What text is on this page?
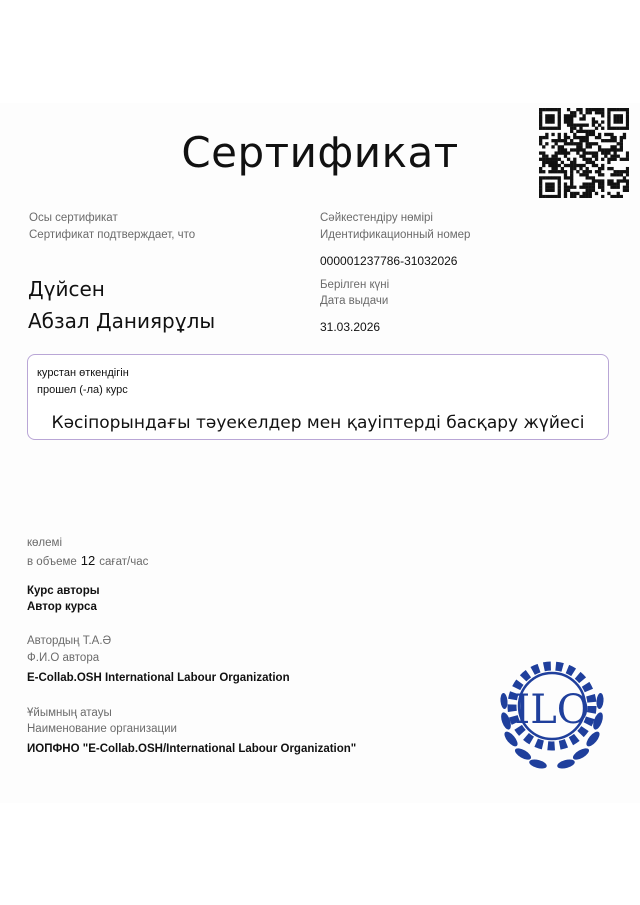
Сертификат
Осы сертификат
Сертификат подтверждает, что
Сәйкестендіру нөмірі
Идентификационный номер
000001237786-31032026
Дүйсен
Абзал Данияр​ұлы
Берілген күні
Дата выдачи
31.03.2026
курстан өткендігін
прошел (-ла) курс
Кәсіпорындағы тәуекелдер мен қауіптерді басқару жүйесі
көлемі
в объеме 12 сағат/час
Курс авторы
Автор курса
Автордың Т.А.Ә
Ф.И.О автора
E-Collab.OSH International Labour Organization
Ұйымның атауы
Наименование организации
ИОПФНО "E-Collab.OSH/International Labour Organization"
ILO
